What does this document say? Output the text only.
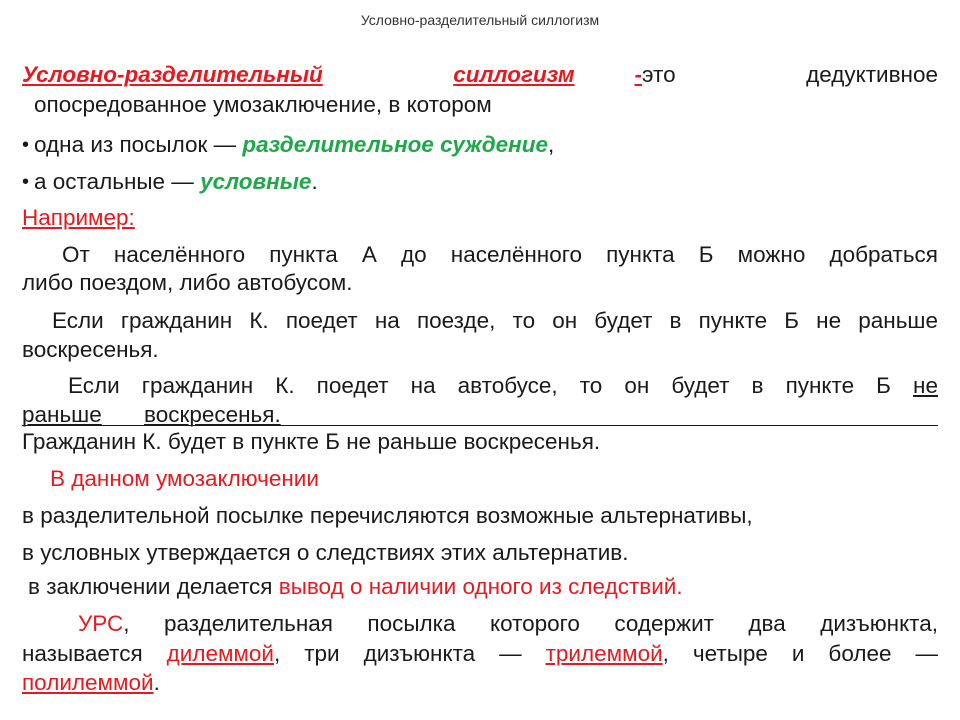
Условно-разделительный силлогизм
Условно-разделительный	силлогизм	-это	дедуктивное
опосредованное умозаключение, в котором
• одна из посылок — разделительное суждение,
• а остальные — условные.
Например:
От населённого пункта А до населённого пункта Б можно добраться
либо поездом, либо автобусом.
Если гражданин К. поедет на поезде, то он будет в пункте Б не раньше
воскресенья.
Если гражданин К. поедет на автобусе, то он будет в пункте Б не
раньше воскресенья.
Гражданин К. будет в пункте Б не раньше воскресенья.
В данном умозаключении
в разделительной посылке перечисляются возможные альтернативы,
в условных утверждается о следствиях этих альтернатив.
в заключении делается вывод о наличии одного из следствий.
УРС, разделительная посылка которого содержит два дизъюнкта,
называется дилеммой, три дизъюнкта — трилеммой, четыре и более —
полилеммой.
